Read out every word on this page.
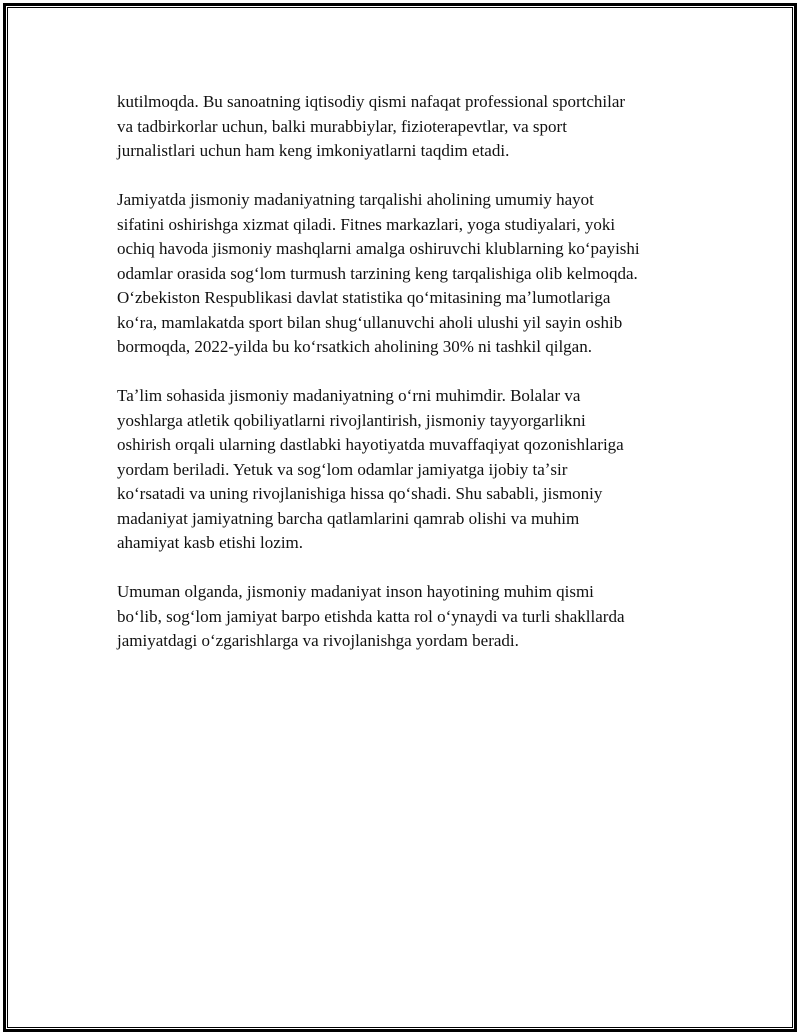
kutilmoqda. Bu sanoatning iqtisodiy qismi nafaqat professional sportchilar
va tadbirkorlar uchun, balki murabbiylar, fizioterapevtlar, va sport
jurnalistlari uchun ham keng imkoniyatlarni taqdim etadi.

Jamiyatda jismoniy madaniyatning tarqalishi aholining umumiy hayot
sifatini oshirishga xizmat qiladi. Fitnes markazlari, yoga studiyalari, yoki
ochiq havoda jismoniy mashqlarni amalga oshiruvchi klublarning koʻpayishi
odamlar orasida sogʻlom turmush tarzining keng tarqalishiga olib kelmoqda.
Oʻzbekiston Respublikasi davlat statistika qoʻmitasining maʼlumotlariga
koʻra, mamlakatda sport bilan shugʻullanuvchi aholi ulushi yil sayin oshib
bormoqda, 2022-yilda bu koʻrsatkich aholining 30% ni tashkil qilgan.

Taʼlim sohasida jismoniy madaniyatning oʻrni muhimdir. Bolalar va
yoshlarga atletik qobiliyatlarni rivojlantirish, jismoniy tayyorgarlikni
oshirish orqali ularning dastlabki hayotiyatda muvaffaqiyat qozonishlariga
yordam beriladi. Yetuk va sogʻlom odamlar jamiyatga ijobiy taʼsir
koʻrsatadi va uning rivojlanishiga hissa qoʻshadi. Shu sababli, jismoniy
madaniyat jamiyatning barcha qatlamlarini qamrab olishi va muhim
ahamiyat kasb etishi lozim.

Umuman olganda, jismoniy madaniyat inson hayotining muhim qismi
boʻlib, sogʻlom jamiyat barpo etishda katta rol oʻynaydi va turli shakllarda
jamiyatdagi oʻzgarishlarga va rivojlanishga yordam beradi.
